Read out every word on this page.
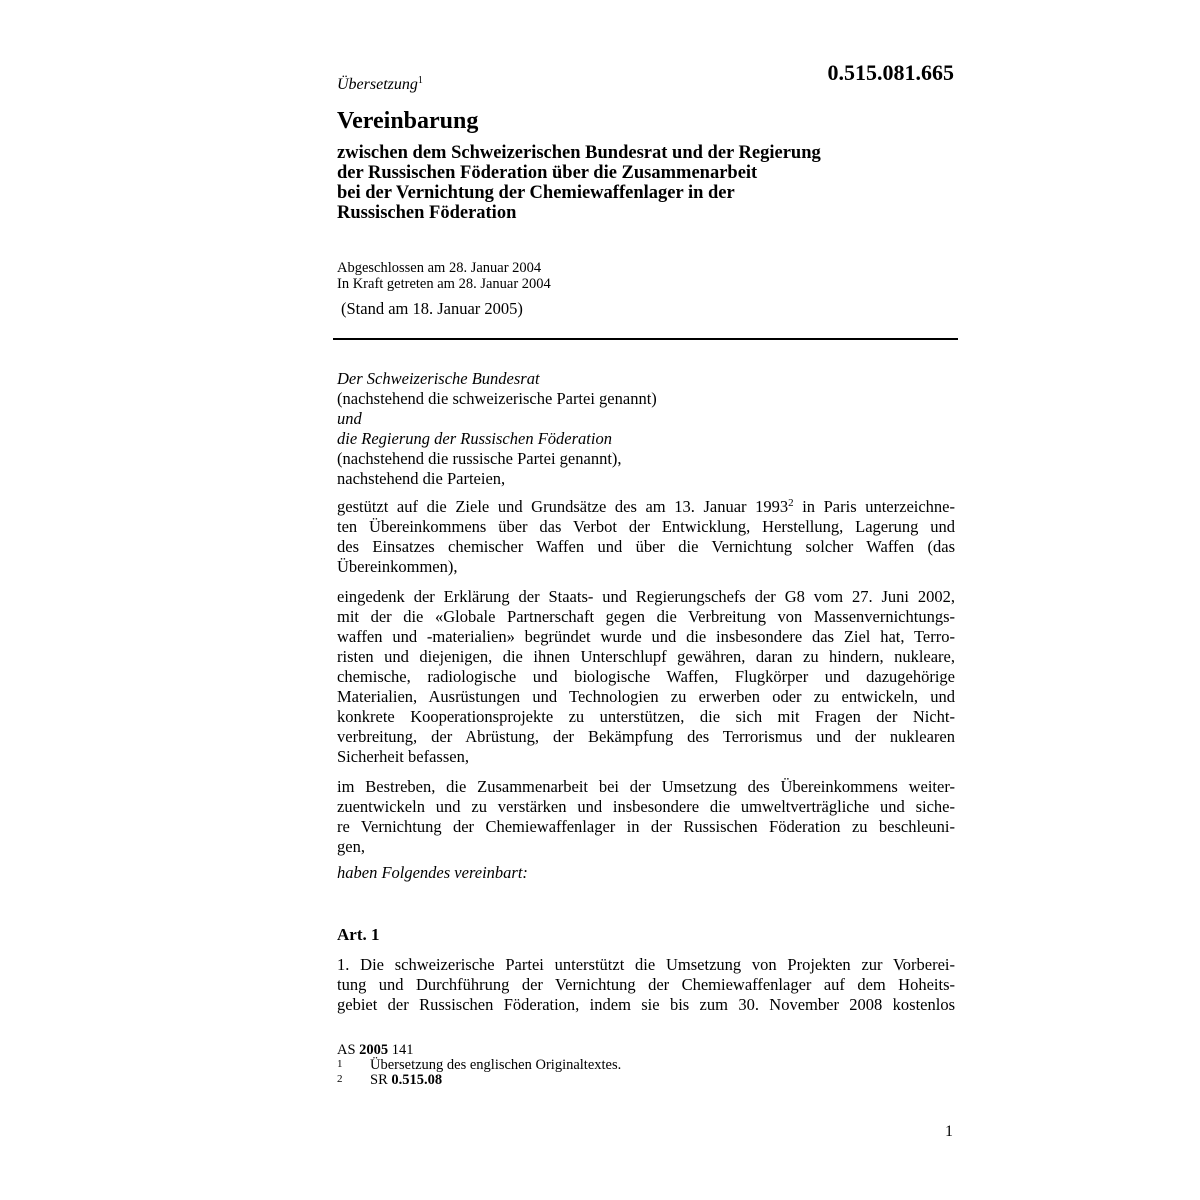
Übersetzung$^1$	0.515.081.665
Vereinbarung
zwischen dem Schweizerischen Bundesrat und der Regierung
der Russischen Föderation über die Zusammenarbeit
bei der Vernichtung der Chemiewaffenlager in der
Russischen Föderation
Abgeschlossen am 28. Januar 2004
In Kraft getreten am 28. Januar 2004
(Stand am 18. Januar 2005)
Der Schweizerische Bundesrat
(nachstehend die schweizerische Partei genannt)
und
die Regierung der Russischen Föderation
(nachstehend die russische Partei genannt),
nachstehend die Parteien,
gestützt auf die Ziele und Grundsätze des am 13. Januar 1993$^2$ in Paris unterzeichne-
ten Übereinkommens über das Verbot der Entwicklung, Herstellung, Lagerung und
des Einsatzes chemischer Waffen und über die Vernichtung solcher Waffen (das
Übereinkommen),
eingedenk der Erklärung der Staats- und Regierungschefs der G8 vom 27. Juni 2002,
mit der die «Globale Partnerschaft gegen die Verbreitung von Massenvernichtungs-
waffen und -materialien» begründet wurde und die insbesondere das Ziel hat, Terro-
risten und diejenigen, die ihnen Unterschlupf gewähren, daran zu hindern, nukleare,
chemische, radiologische und biologische Waffen, Flugkörper und dazugehörige
Materialien, Ausrüstungen und Technologien zu erwerben oder zu entwickeln, und
konkrete Kooperationsprojekte zu unterstützen, die sich mit Fragen der Nicht-
verbreitung, der Abrüstung, der Bekämpfung des Terrorismus und der nuklearen
Sicherheit befassen,
im Bestreben, die Zusammenarbeit bei der Umsetzung des Übereinkommens weiter-
zuentwickeln und zu verstärken und insbesondere die umweltverträgliche und siche-
re Vernichtung der Chemiewaffenlager in der Russischen Föderation zu beschleuni-
gen,
haben Folgendes vereinbart:
Art. 1
1. Die schweizerische Partei unterstützt die Umsetzung von Projekten zur Vorberei-
tung und Durchführung der Vernichtung der Chemiewaffenlager auf dem Hoheits-
gebiet der Russischen Föderation, indem sie bis zum 30. November 2008 kostenlos
AS 2005 141
1	Übersetzung des englischen Originaltextes.
2	SR 0.515.08
1
